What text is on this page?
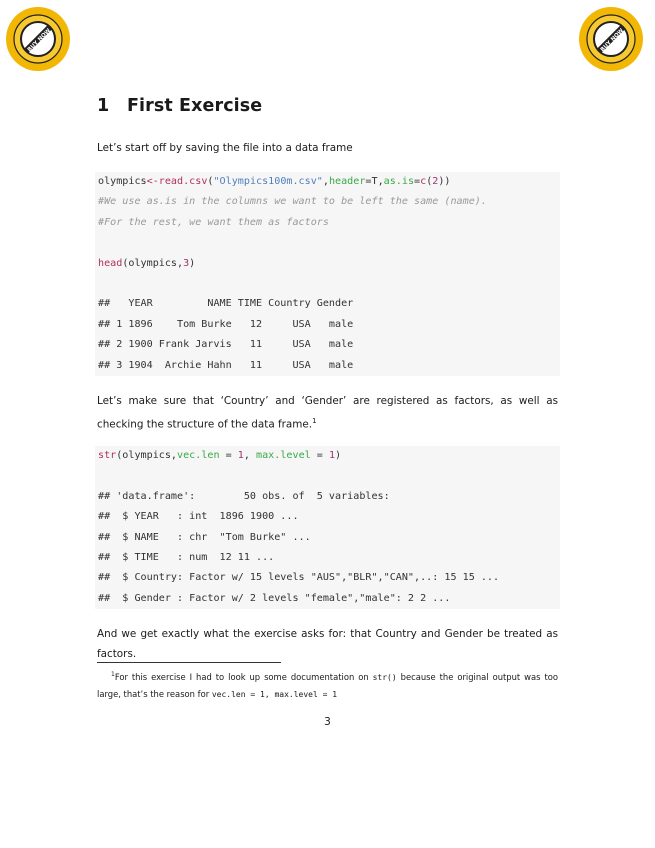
BUY NOW	BUY NOW
1 First Exercise
Let’s start off by saving the file into a data frame
olympics<-read.csv("Olympics100m.csv",header=T,as.is=c(2))
#We use as.is in the columns we want to be left the same (name).
#For the rest, we want them as factors

head(olympics,3)

##   YEAR         NAME TIME Country Gender
## 1 1896    Tom Burke   12     USA   male
## 2 1900 Frank Jarvis   11     USA   male
## 3 1904  Archie Hahn   11     USA   male
Let’s make sure that ‘Country’ and ‘Gender’ are registered as factors, as well as checking the structure of the data frame.$^1$
str(olympics,vec.len = 1, max.level = 1)

## 'data.frame':	50 obs. of  5 variables:
##  $ YEAR   : int  1896 1900 ...
##  $ NAME   : chr  "Tom Burke" ...
##  $ TIME   : num  12 11 ...
##  $ Country: Factor w/ 15 levels "AUS","BLR","CAN",..: 15 15 ...
##  $ Gender : Factor w/ 2 levels "female","male": 2 2 ...
And we get exactly what the exercise asks for: that Country and Gender be treated as factors.
$^1$For this exercise I had to look up some documentation on str() because the original output was too large, that’s the reason for vec.len = 1, max.level = 1
3
